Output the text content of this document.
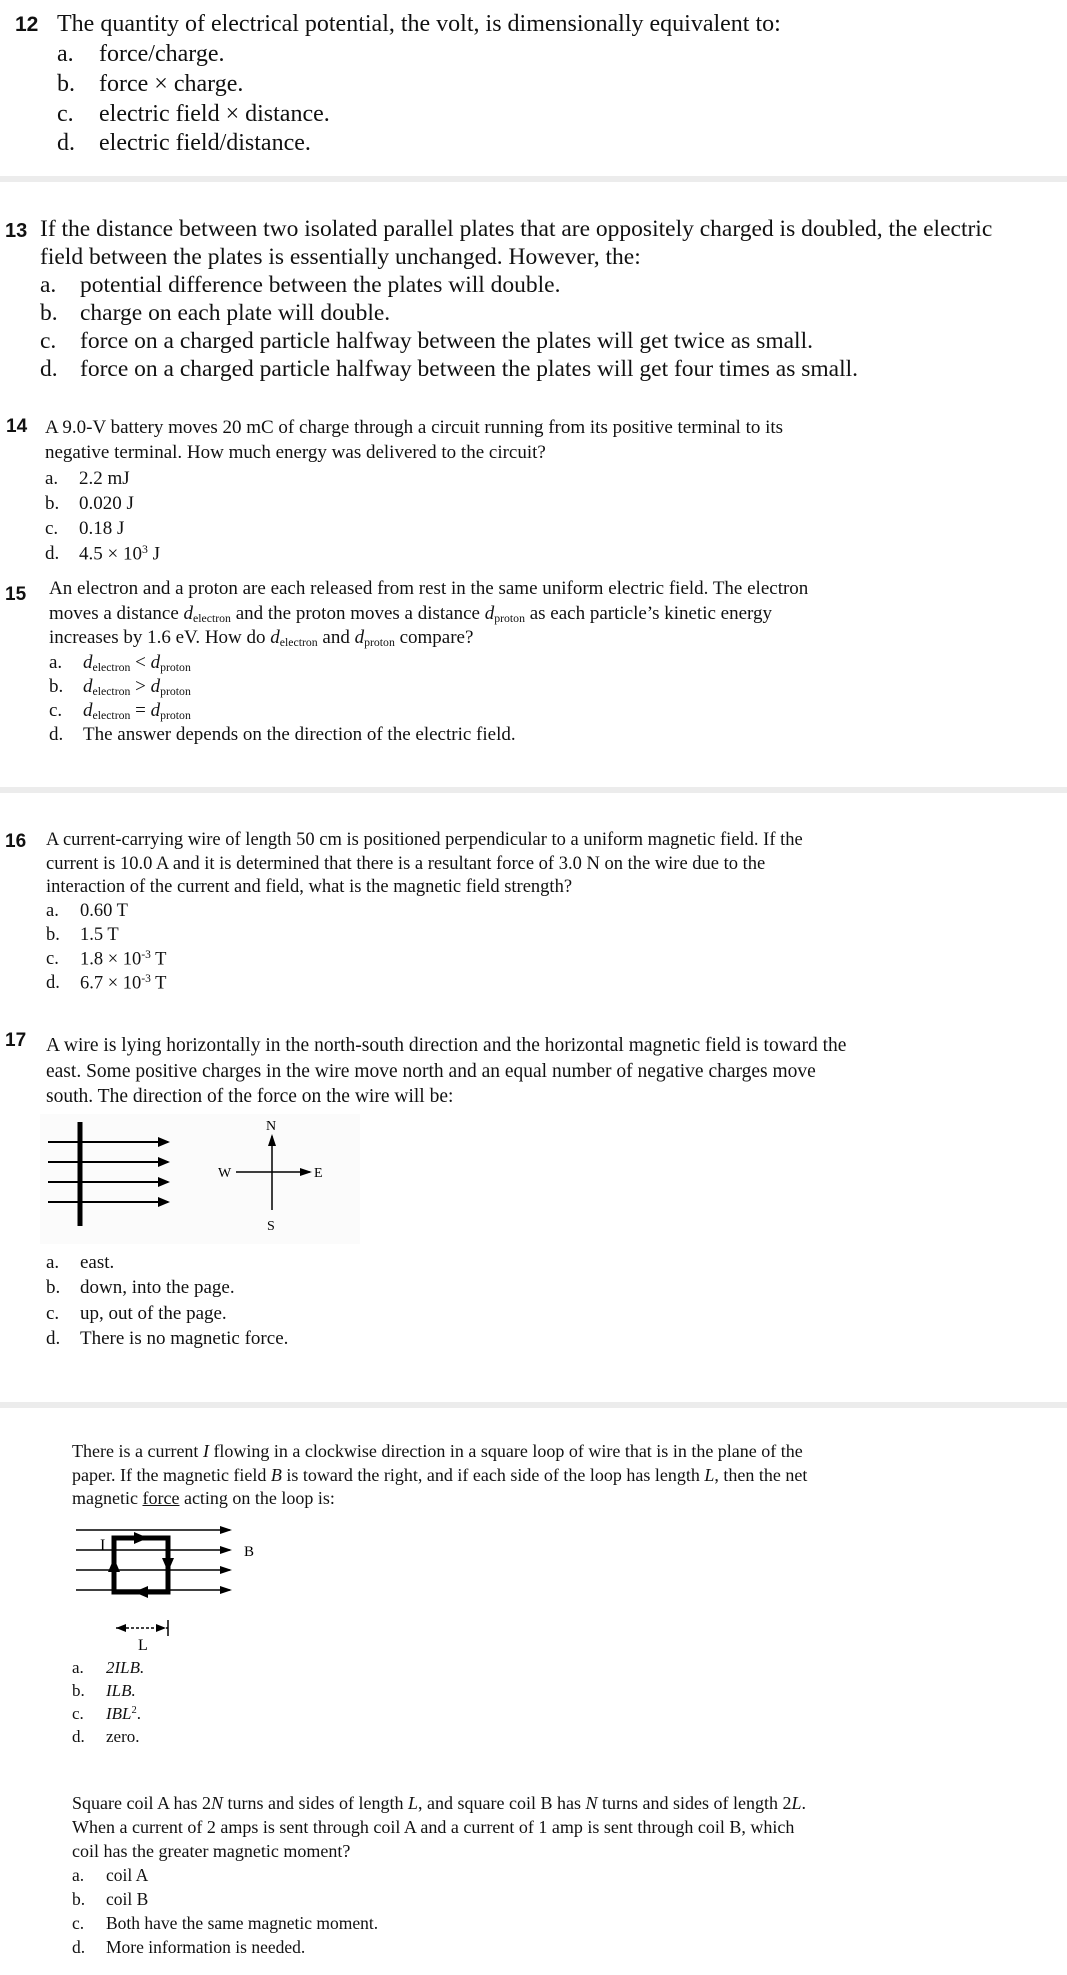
12 The quantity of electrical potential, the volt, is dimensionally equivalent to:
a. force/charge.
b. force × charge.
c. electric field × distance.
d. electric field/distance.
13 If the distance between two isolated parallel plates that are oppositely charged is doubled, the electric
field between the plates is essentially unchanged. However, the:
a. potential difference between the plates will double.
b. charge on each plate will double.
c. force on a charged particle halfway between the plates will get twice as small.
d. force on a charged particle halfway between the plates will get four times as small.
14 A 9.0-V battery moves 20 mC of charge through a circuit running from its positive terminal to its
negative terminal. How much energy was delivered to the circuit?
a. 2.2 mJ
b. 0.020 J
c. 0.18 J
d. $4.5 \times 10^3$ J
15 An electron and a proton are each released from rest in the same uniform electric field. The electron
moves a distance $d_{electron}$ and the proton moves a distance $d_{proton}$ as each particle’s kinetic energy
increases by 1.6 eV. How do $d_{electron}$ and $d_{proton}$ compare?
a. $d_{electron} < d_{proton}$
b. $d_{electron} > d_{proton}$
c. $d_{electron} = d_{proton}$
d. The answer depends on the direction of the electric field.
16 A current-carrying wire of length 50 cm is positioned perpendicular to a uniform magnetic field. If the
current is 10.0 A and it is determined that there is a resultant force of 3.0 N on the wire due to the
interaction of the current and field, what is the magnetic field strength?
a. 0.60 T
b. 1.5 T
c. $1.8 \times 10^{-3}$ T
d. $6.7 \times 10^{-3}$ T
17 A wire is lying horizontally in the north-south direction and the horizontal magnetic field is toward the
east. Some positive charges in the wire move north and an equal number of negative charges move
south. The direction of the force on the wire will be:
N
S
W	E
a. east.
b. down, into the page.
c. up, out of the page.
d. There is no magnetic force.
There is a current I flowing in a clockwise direction in a square loop of wire that is in the plane of the
paper. If the magnetic field B is toward the right, and if each side of the loop has length L, then the net
magnetic force acting on the loop is:
I	B
L
a. 2ILB.
b. ILB.
c. IBL$^2$.
d. zero.
Square coil A has 2N turns and sides of length L, and square coil B has N turns and sides of length 2L.
When a current of 2 amps is sent through coil A and a current of 1 amp is sent through coil B, which
coil has the greater magnetic moment?
a. coil A
b. coil B
c. Both have the same magnetic moment.
d. More information is needed.
